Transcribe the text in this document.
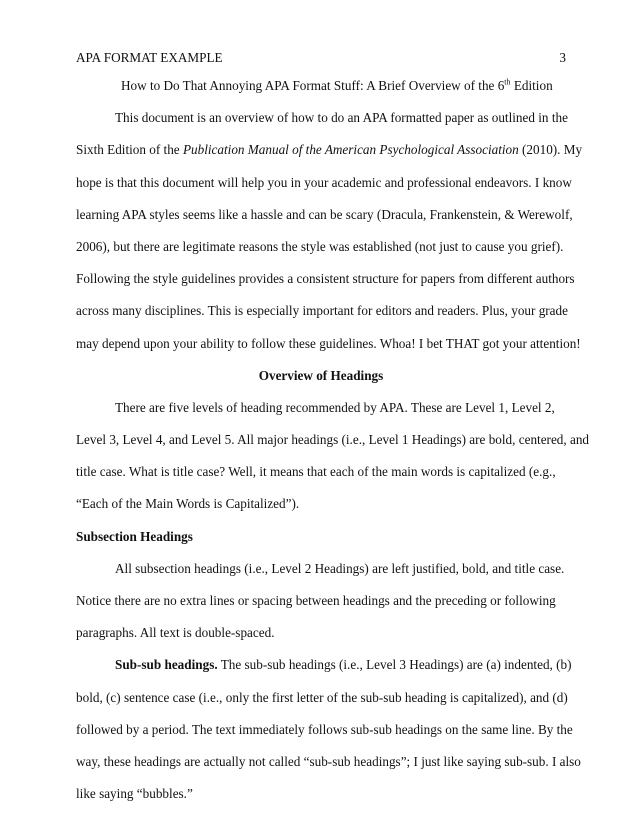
APA FORMAT EXAMPLE	3
How to Do That Annoying APA Format Stuff: A Brief Overview of the 6th Edition
This document is an overview of how to do an APA formatted paper as outlined in the
Sixth Edition of the Publication Manual of the American Psychological Association (2010). My
hope is that this document will help you in your academic and professional endeavors. I know
learning APA styles seems like a hassle and can be scary (Dracula, Frankenstein, & Werewolf,
2006), but there are legitimate reasons the style was established (not just to cause you grief).
Following the style guidelines provides a consistent structure for papers from different authors
across many disciplines. This is especially important for editors and readers. Plus, your grade
may depend upon your ability to follow these guidelines. Whoa! I bet THAT got your attention!
Overview of Headings
There are five levels of heading recommended by APA. These are Level 1, Level 2,
Level 3, Level 4, and Level 5. All major headings (i.e., Level 1 Headings) are bold, centered, and
title case. What is title case? Well, it means that each of the main words is capitalized (e.g.,
“Each of the Main Words is Capitalized”).
Subsection Headings
All subsection headings (i.e., Level 2 Headings) are left justified, bold, and title case.
Notice there are no extra lines or spacing between headings and the preceding or following
paragraphs. All text is double-spaced.
Sub-sub headings. The sub-sub headings (i.e., Level 3 Headings) are (a) indented, (b)
bold, (c) sentence case (i.e., only the first letter of the sub-sub heading is capitalized), and (d)
followed by a period. The text immediately follows sub-sub headings on the same line. By the
way, these headings are actually not called “sub-sub headings”; I just like saying sub-sub. I also
like saying “bubbles.”
